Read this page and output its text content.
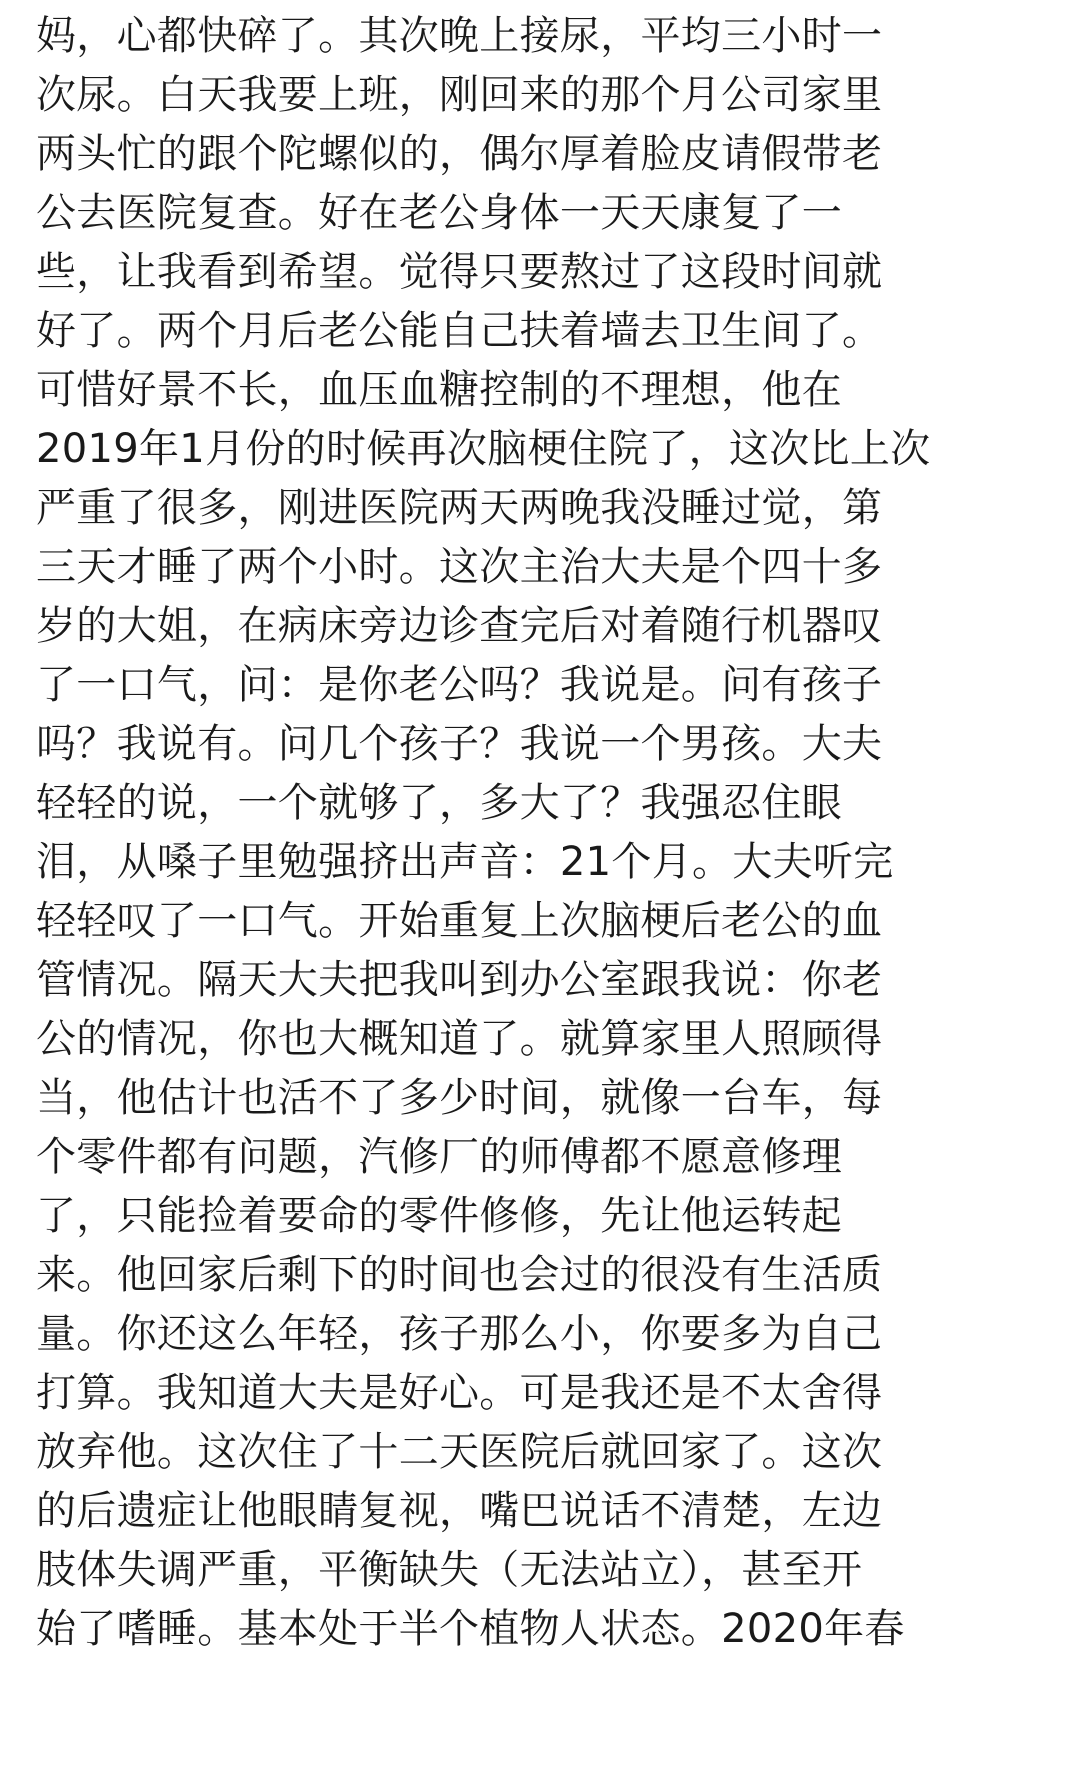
妈，心都快碎了。其次晚上接尿，平均三小时一
次尿。白天我要上班，刚回来的那个月公司家里
两头忙的跟个陀螺似的，偶尔厚着脸皮请假带老
公去医院复查。好在老公身体一天天康复了一
些，让我看到希望。觉得只要熬过了这段时间就
好了。两个月后老公能自己扶着墙去卫生间了。
可惜好景不长，血压血糖控制的不理想，他在
2019年1月份的时候再次脑梗住院了，这次比上次
严重了很多，刚进医院两天两晚我没睡过觉，第
三天才睡了两个小时。这次主治大夫是个四十多
岁的大姐，在病床旁边诊查完后对着随行机器叹
了一口气，问：是你老公吗？我说是。问有孩子
吗？我说有。问几个孩子？我说一个男孩。大夫
轻轻的说，一个就够了，多大了？我强忍住眼
泪，从嗓子里勉强挤出声音：21个月。大夫听完
轻轻叹了一口气。开始重复上次脑梗后老公的血
管情况。隔天大夫把我叫到办公室跟我说：你老
公的情况，你也大概知道了。就算家里人照顾得
当，他估计也活不了多少时间，就像一台车，每
个零件都有问题，汽修厂的师傅都不愿意修理
了，只能捡着要命的零件修修，先让他运转起
来。他回家后剩下的时间也会过的很没有生活质
量。你还这么年轻，孩子那么小，你要多为自己
打算。我知道大夫是好心。可是我还是不太舍得
放弃他。这次住了十二天医院后就回家了。这次
的后遗症让他眼睛复视，嘴巴说话不清楚，左边
肢体失调严重，平衡缺失（无法站立），甚至开
始了嗜睡。基本处于半个植物人状态。2020年春
